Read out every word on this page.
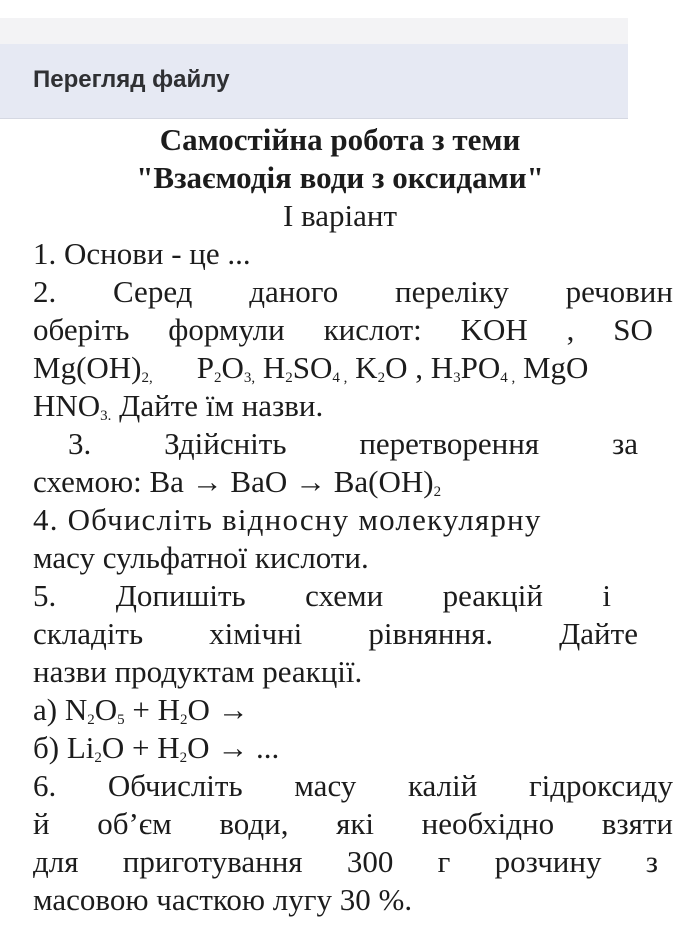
Перегляд файлу
Самостійна робота з теми
"Взаємодія води з оксидами"
I варіант
1. Основи - це ...
2. Серед даного переліку речовин
оберіть формули кислот: KOH , SO
$Mg(OH)_{2,}$ $P_2O_{3,}$ $H_2SO_{4 ,}$ $K_2O$ , $H_3PO_{4 ,}$ MgO
$HNO_{3.}$ Дайте їм назви.
3. Здійсніть перетворення за
схемою: Ba → BaO → $Ba(OH)_2$
4. Обчисліть відносну молекулярну
масу сульфатної кислоти.
5. Допишіть схеми реакцій і
складіть хімічні рівняння. Дайте
назви продуктам реакції.
а) $N_2O_5 + H_2O$ →
б) $Li_2O + H_2O$ → ...
6. Обчисліть масу калій гідроксиду
й об’єм води, які необхідно взяти
для приготування 300 г розчину з
масовою часткою лугу 30 %.
